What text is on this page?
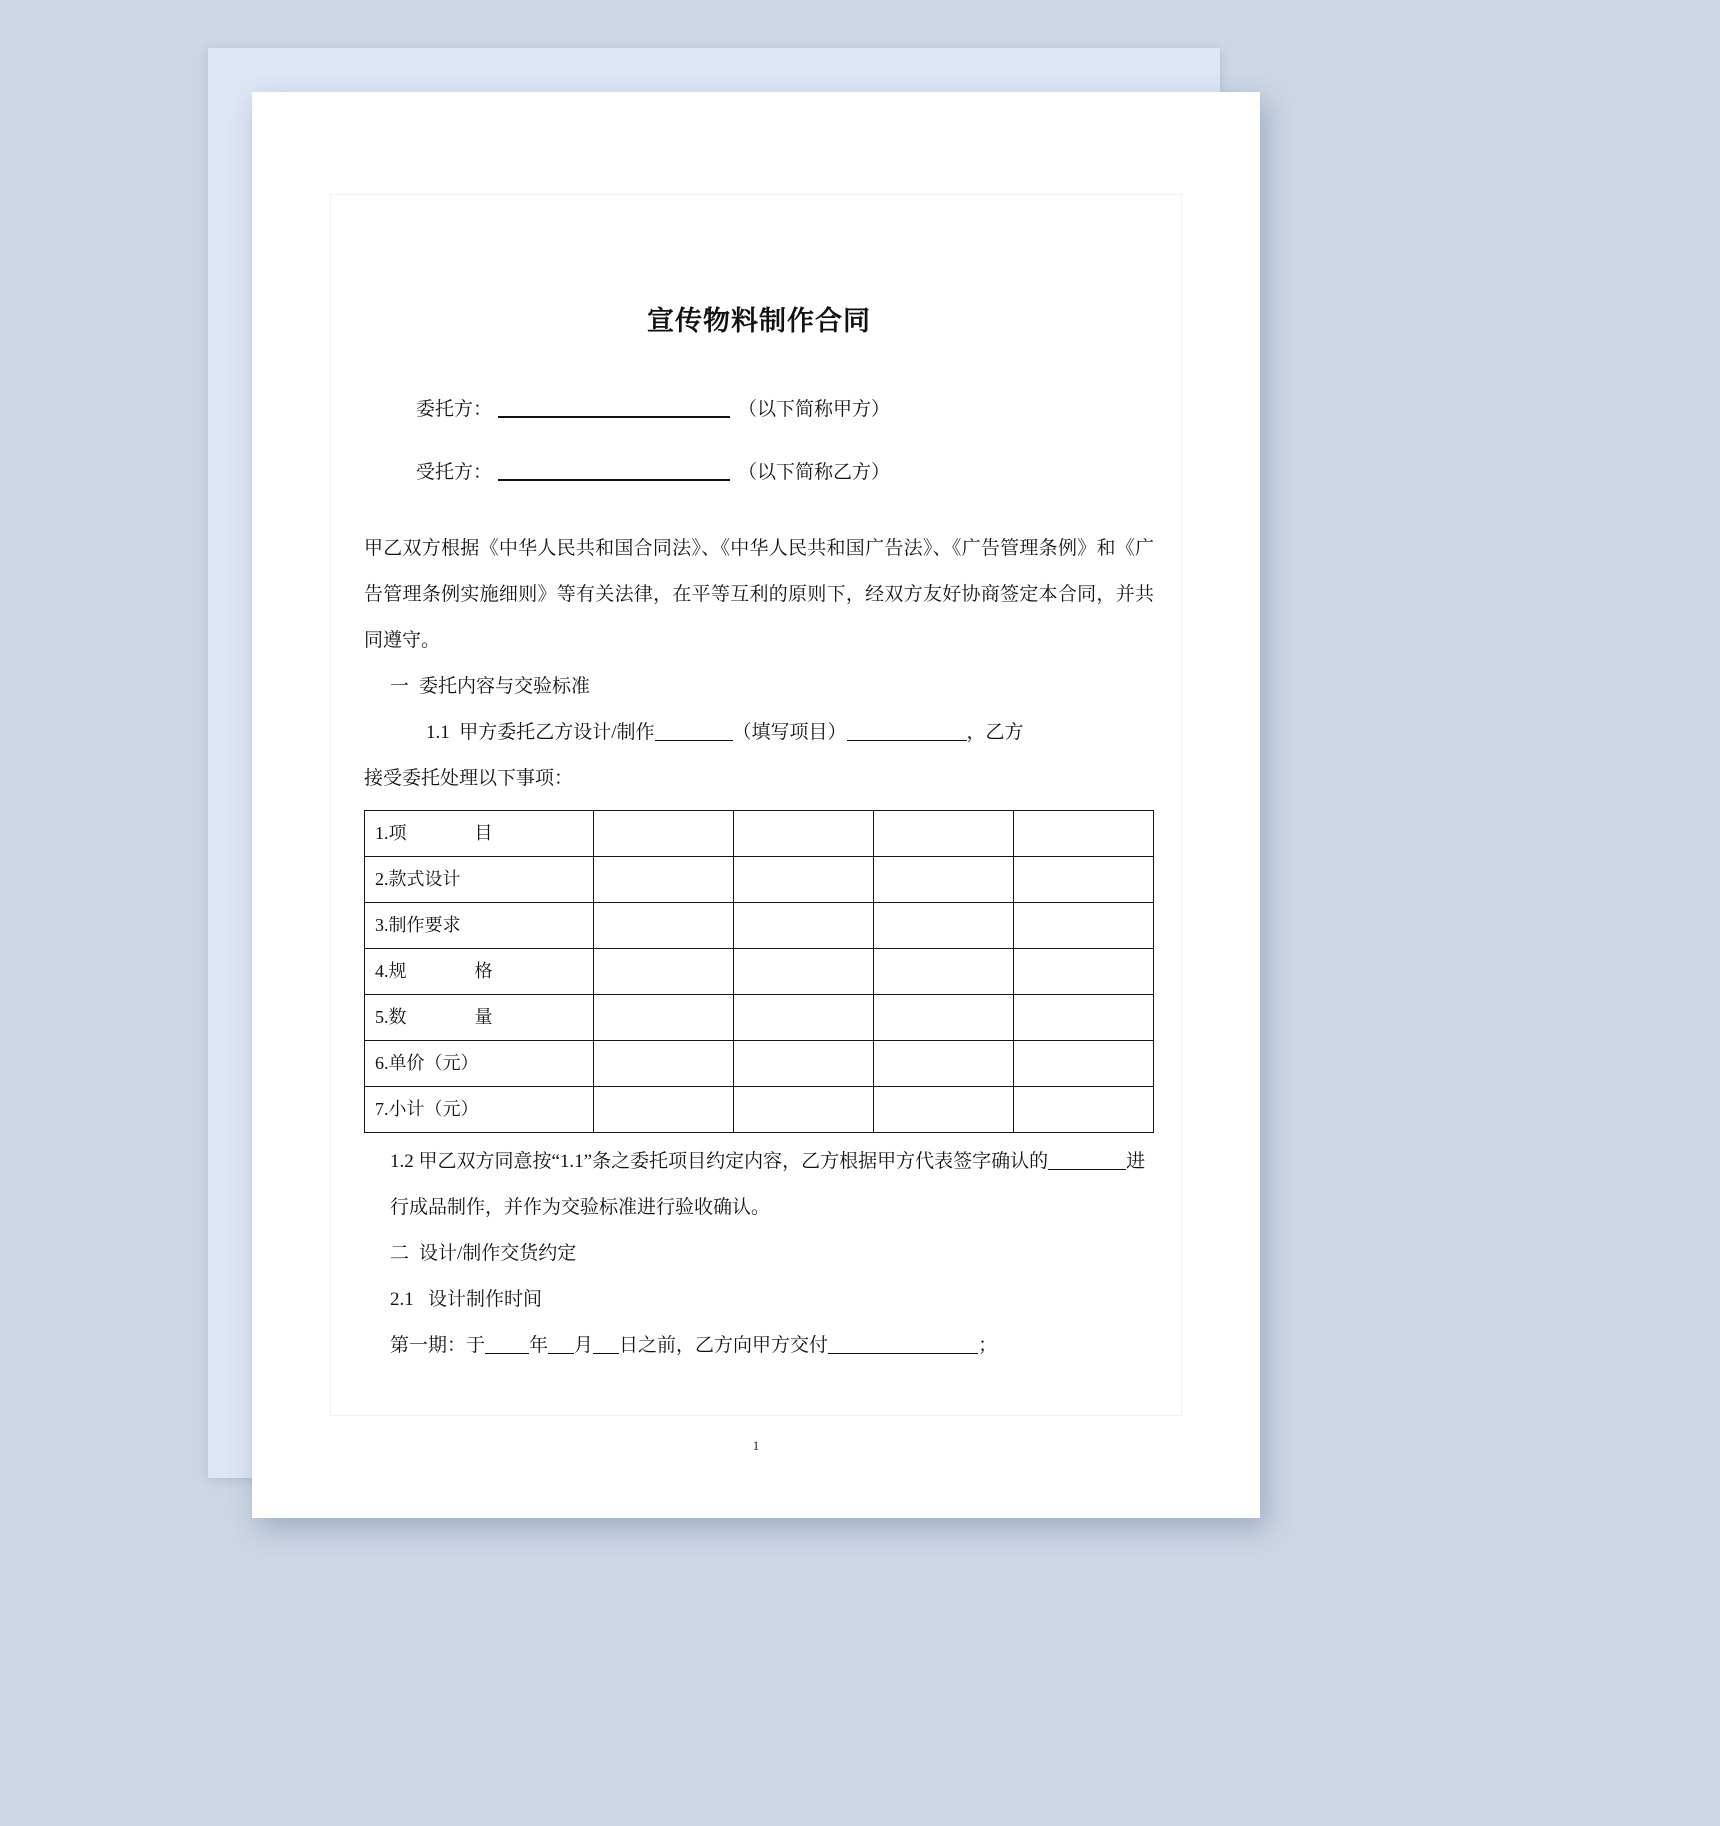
宣传物料制作合同
委托方：	（以下简称甲方）
受托方：	（以下简称乙方）

甲乙双方根据《中华人民共和国合同法》、《中华人民共和国广告法》、《广告管理条例》和《广告管理条例实施细则》等有关法律，在平等互利的原则下，经双方友好协商签定本合同，并共同遵守。

一 委托内容与交验标准

1.1 甲方委托乙方设计/制作	（填写项目）	，乙方

接受委托处理以下事项：

1. 项 目				

2.款式设计				
3.制作要求				
4. 规 格				

5. 数 量				

6.单价（元）				
7.小计（元）				

1.2 甲乙双方同意按“1.1”条之委托项目约定内容，乙方根据甲方代表签字确认的	进行成品制作，并作为交验标准进行验收确认。

二 设计/制作交货约定

2.1 设计制作时间

第一期：于 年 月 日之前，乙方向甲方交付	；

1
